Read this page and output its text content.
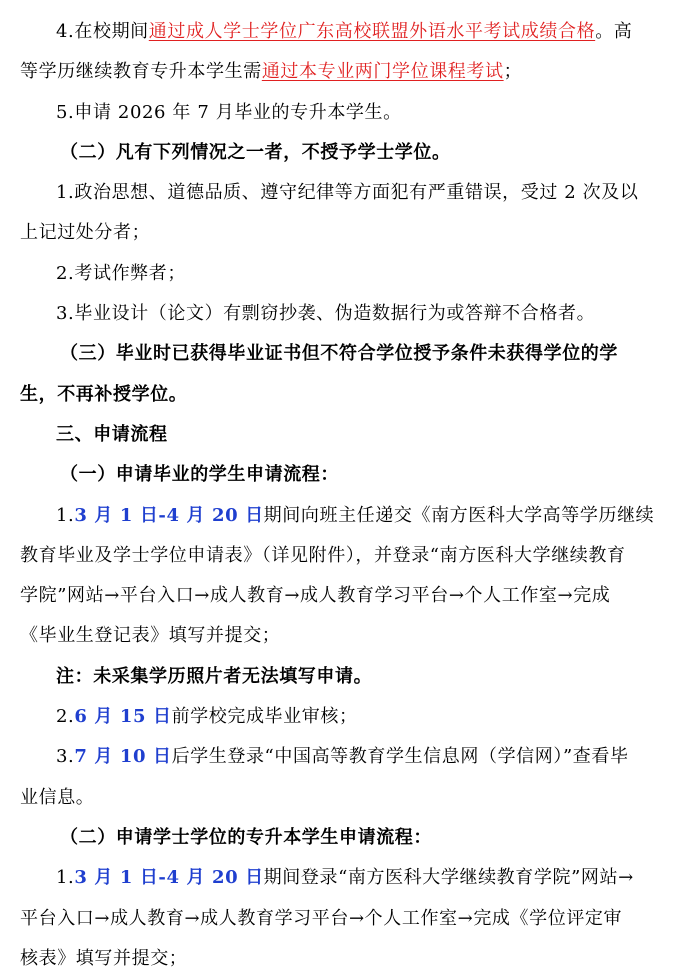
4.在校期间通过成人学士学位广东高校联盟外语水平考试成绩合格。高
等学历继续教育专升本学生需通过本专业两门学位课程考试；
5.申请 2026 年 7 月毕业的专升本学生。
（二）凡有下列情况之一者，不授予学士学位。
1.政治思想、道德品质、遵守纪律等方面犯有严重错误，受过 2 次及以
上记过处分者；
2.考试作弊者；
3.毕业设计（论文）有剽窃抄袭、伪造数据行为或答辩不合格者。
（三）毕业时已获得毕业证书但不符合学位授予条件未获得学位的学
生，不再补授学位。
三、申请流程
（一）申请毕业的学生申请流程：
1.3 月 1 日-4 月 20 日期间向班主任递交《南方医科大学高等学历继续
教育毕业及学士学位申请表》（详见附件），并登录“南方医科大学继续教育
学院”网站→平台入口→成人教育→成人教育学习平台→个人工作室→完成
《毕业生登记表》填写并提交；
注：未采集学历照片者无法填写申请。
2.6 月 15 日前学校完成毕业审核；
3.7 月 10 日后学生登录“中国高等教育学生信息网（学信网）”查看毕
业信息。
（二）申请学士学位的专升本学生申请流程：
1.3 月 1 日-4 月 20 日期间登录“南方医科大学继续教育学院”网站→
平台入口→成人教育→成人教育学习平台→个人工作室→完成《学位评定审
核表》填写并提交；
